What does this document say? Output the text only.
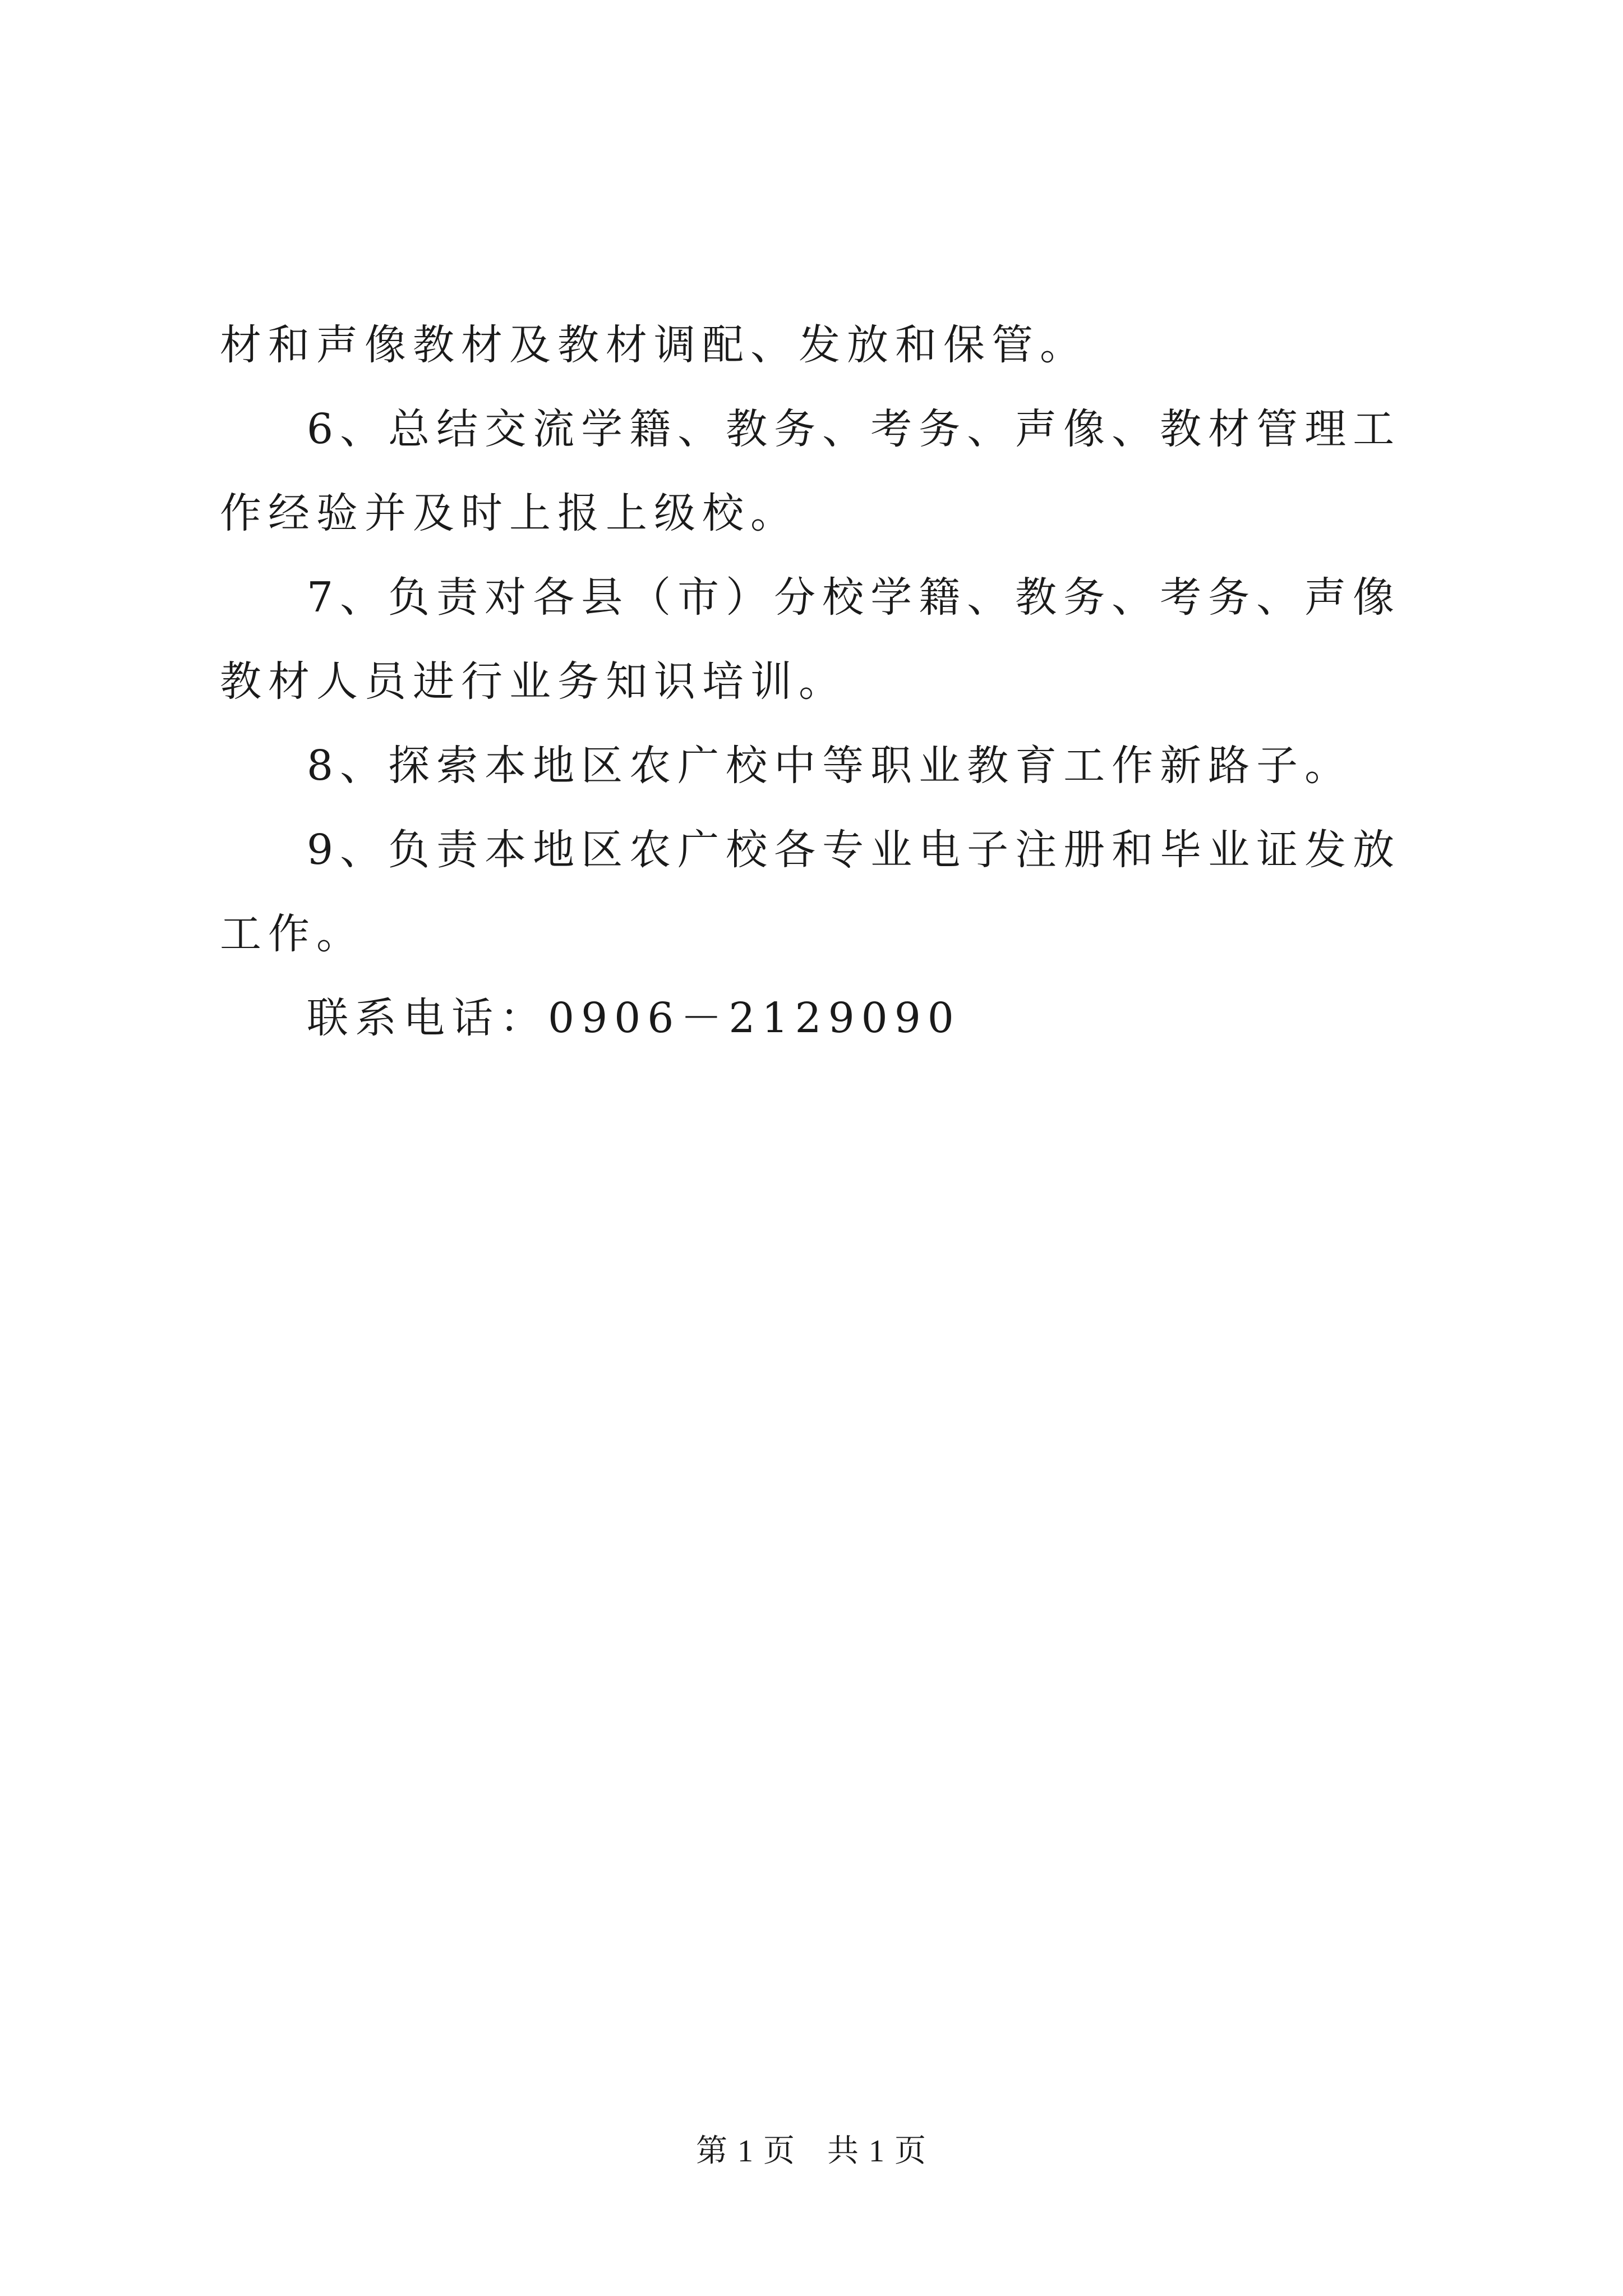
材和声像教材及教材调配、发放和保管。

6、总结交流学籍、教务、考务、声像、教材管理工作经验并及时上报上级校。

7、负责对各县（市）分校学籍、教务、考务、声像教材人员进行业务知识培训。

8、探索本地区农广校中等职业教育工作新路子。

9、负责本地区农广校各专业电子注册和毕业证发放工作。

联系电话：0906－2129090

第 1 页 共 1 页
